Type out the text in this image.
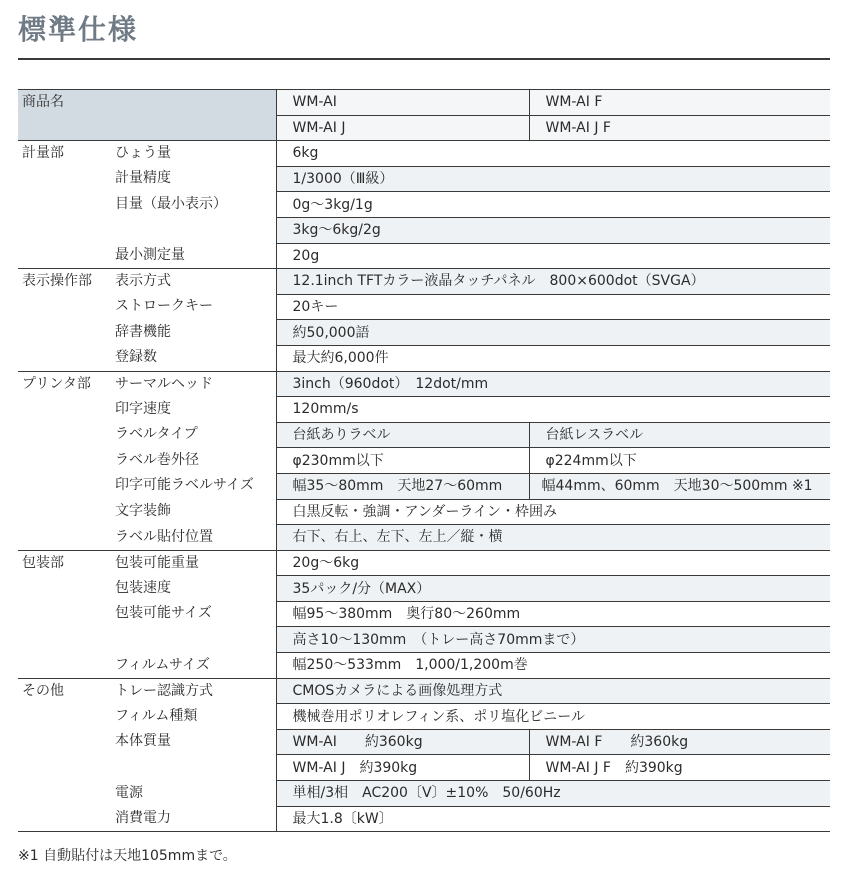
標準仕様
商品名		WM-AI	WM-AI F
		WM-AI J	WM-AI J F
計量部	ひょう量	6kg	
	計量精度	1/3000（Ⅲ級）	
	目量（最小表示）	0g〜3kg/1g	
		3kg〜6kg/2g	
	最小測定量	20g	
表示操作部	表示方式	12.1inch TFTカラー液晶タッチパネル　800×600dot（SVGA）	
	ストロークキー	20キー	
	辞書機能	約50,000語	
	登録数	最大約6,000件	
プリンタ部	サーマルヘッド	3inch（960dot）　12dot/mm	
	印字速度	120mm/s	
	ラベルタイプ	台紙ありラベル	台紙レスラベル
	ラベル巻外径	φ230mm以下	φ224mm以下
	印字可能ラベルサイズ	幅35〜80mm　天地27〜60mm	幅44mm、60mm　天地30〜500mm ※1
	文字装飾	白黒反転・強調・アンダーライン・枠囲み	
	ラベル貼付位置	右下、右上、左下、左上／縦・横	
包装部	包装可能重量	20g〜6kg	
	包装速度	35パック/分（MAX）	
	包装可能サイズ	幅95〜380mm　奥行80〜260mm	
		高さ10〜130mm　（トレー高さ70mmまで）	
	フィルムサイズ	幅250〜533mm　1,000/1,200m巻	
その他	トレー認識方式	CMOSカメラによる画像処理方式	
	フィルム種類	機械巻用ポリオレフィン系、ポリ塩化ビニール	
	本体質量	WM-AI　　約360kg	WM-AI F　　約360kg
		WM-AI J　約390kg	WM-AI J F　約390kg
	電源	単相/3相　AC200〔V〕±10%　50/60Hz	
	消費電力	最大1.8〔kW〕	
※1 自動貼付は天地105mmまで。
